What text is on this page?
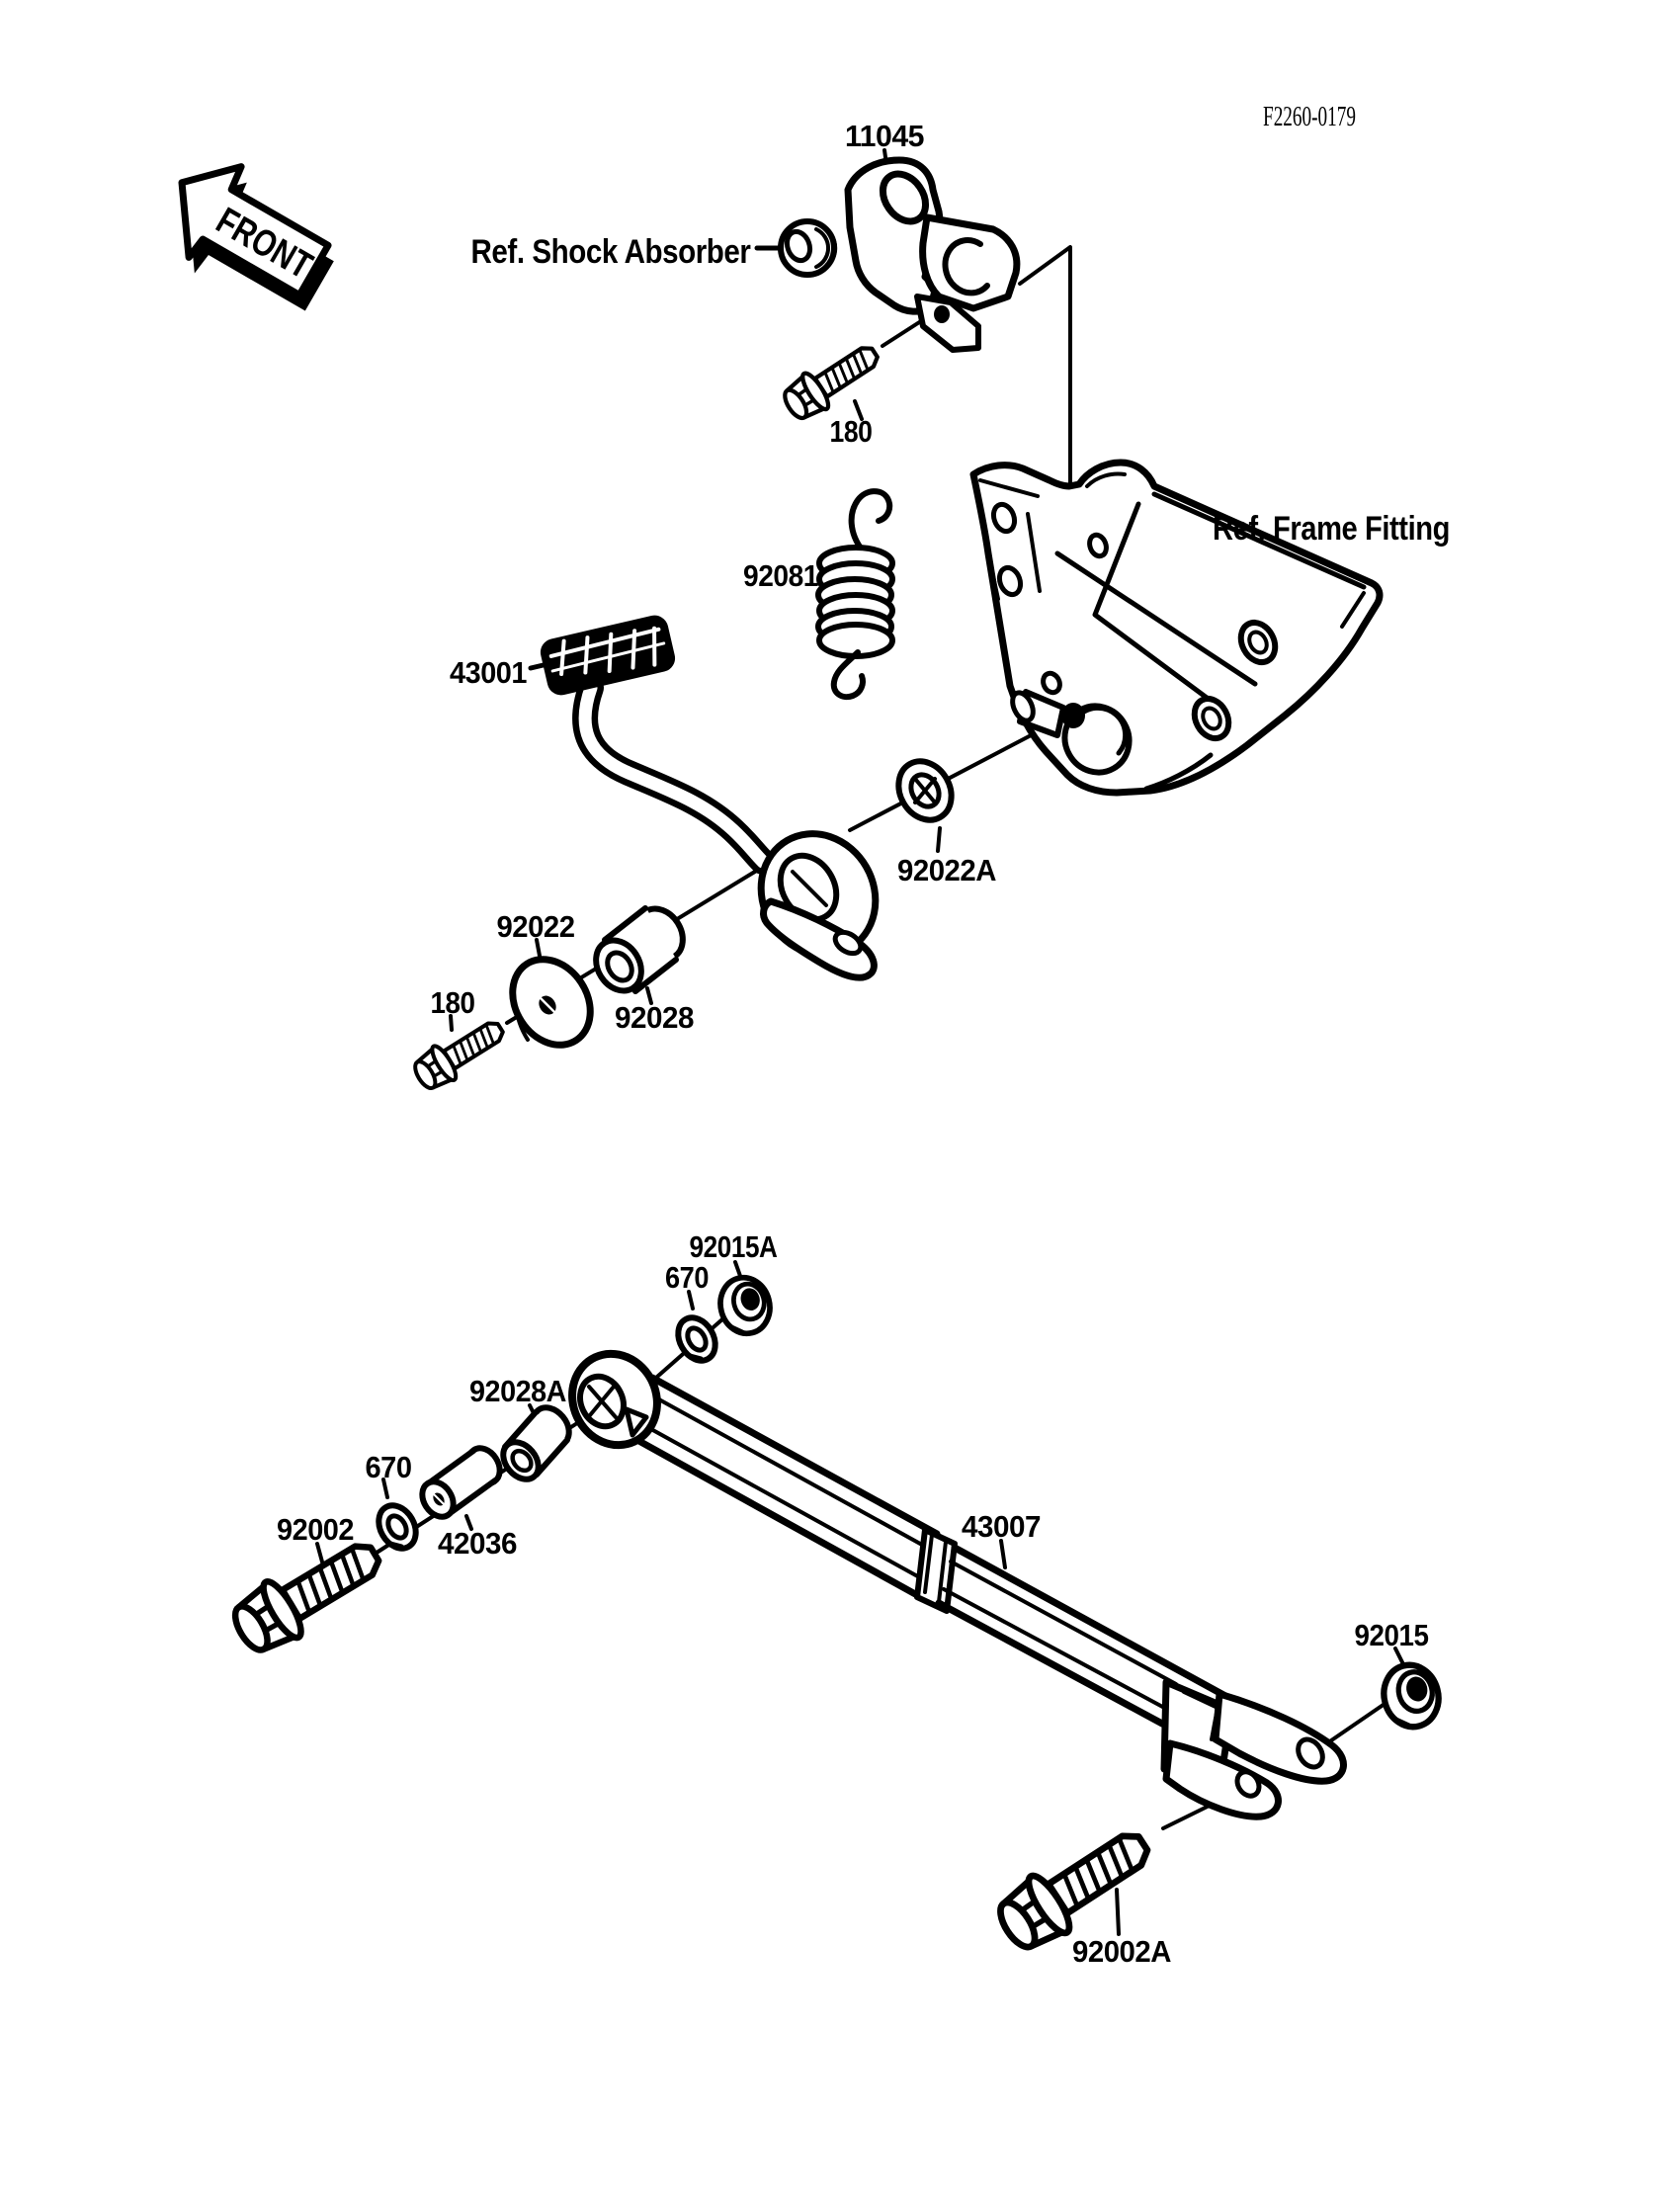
FRONT
F2260-0179
11045
Ref. Shock Absorber
180
92081
43001
Ref. Frame Fitting
92022A
92022
180	92028
92015A
670
92028A
670
92002	42036	43007
92015
92002A
